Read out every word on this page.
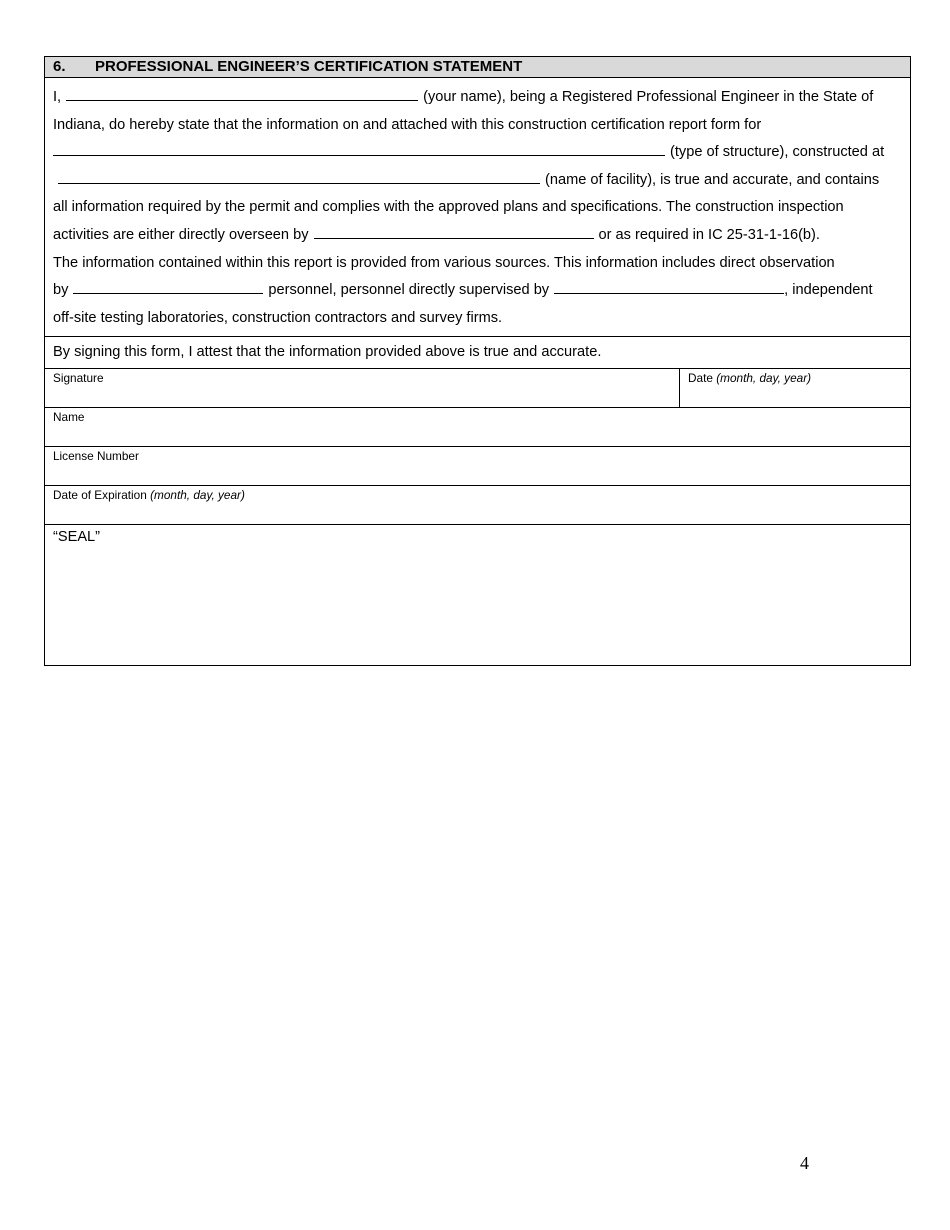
6. PROFESSIONAL ENGINEER’S CERTIFICATION STATEMENT
I,	(your name), being a Registered Professional Engineer in the State of
Indiana, do hereby state that the information on and attached with this construction certification report form for
(type of structure), constructed at
(name of facility), is true and accurate, and contains
all information required by the permit and complies with the approved plans and specifications. The construction inspection
activities are either directly overseen by	or as required in IC 25-31-1-16(b).
The information contained within this report is provided from various sources. This information includes direct observation
by	personnel, personnel directly supervised by	, independent
off-site testing laboratories, construction contractors and survey firms.
By signing this form, I attest that the information provided above is true and accurate.
Signature	Date (month, day, year)
Name
License Number
Date of Expiration (month, day, year)
“SEAL”
4
